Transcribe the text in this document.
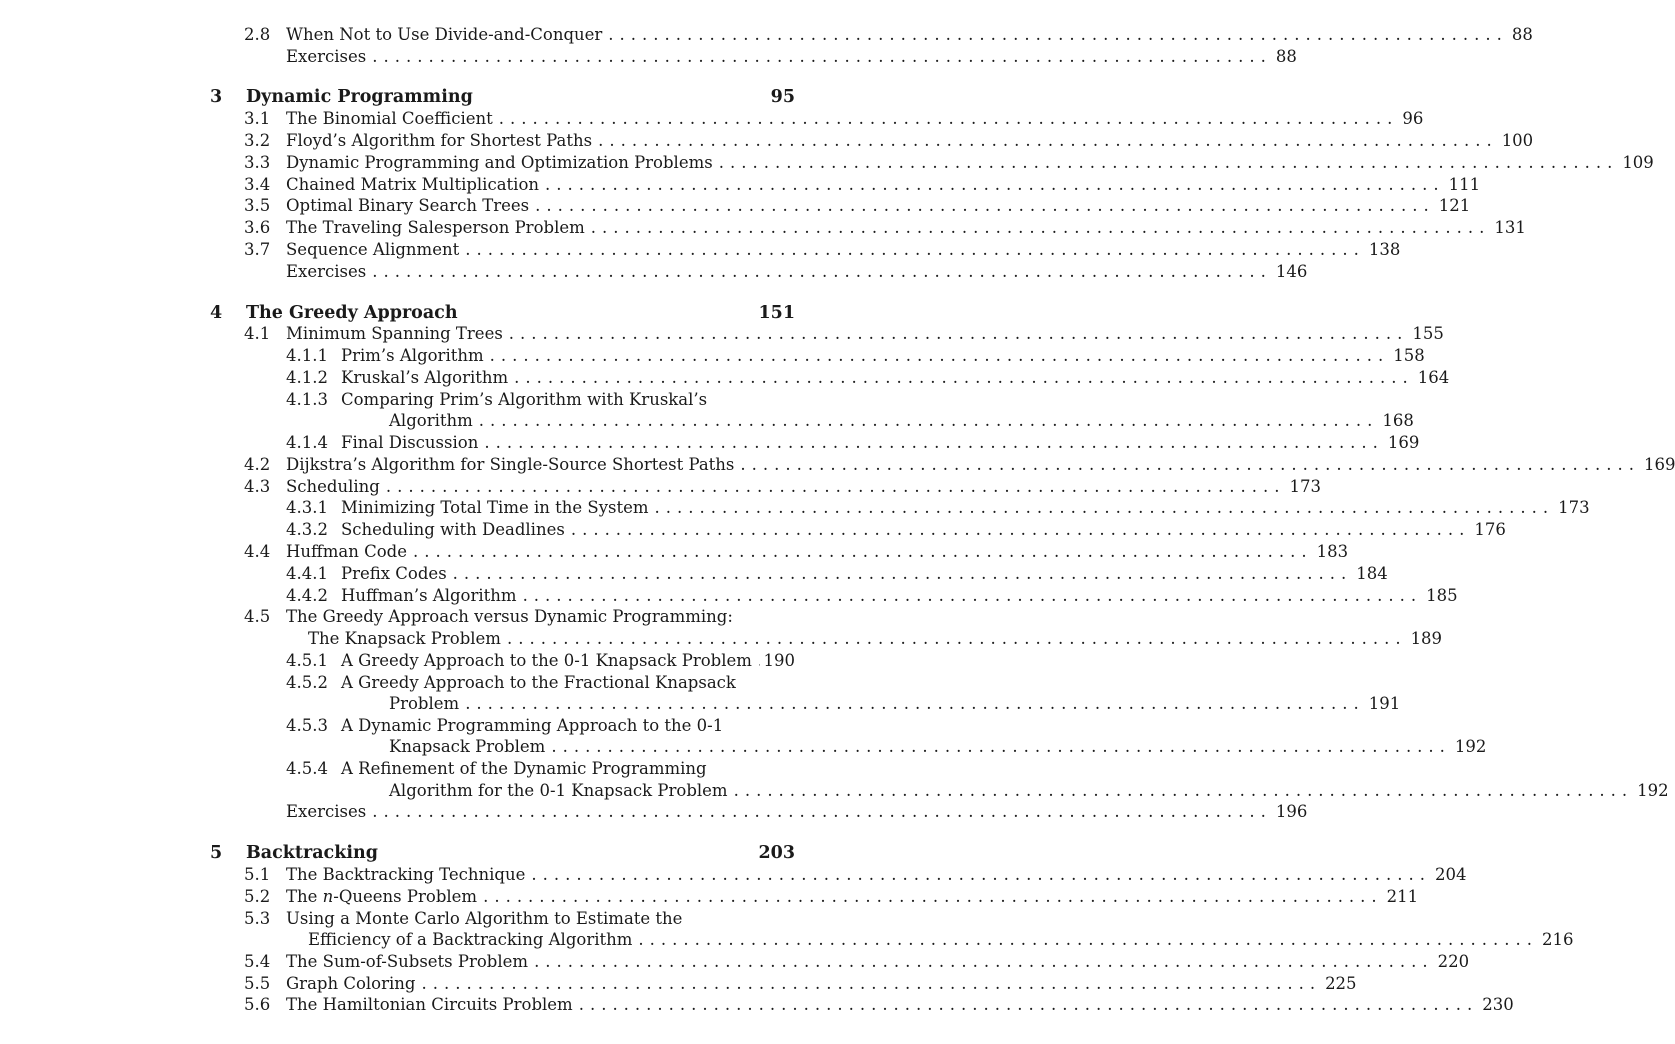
2.8 When Not to Use Divide-and-Conquer ................................................................................ 88
Exercises ................................................................................ 88
3 Dynamic Programming	95
3.1 The Binomial Coefficient ................................................................................ 96
3.2 Floyd’s Algorithm for Shortest Paths ................................................................................ 100
3.3 Dynamic Programming and Optimization Problems ................................................................................ 109
3.4 Chained Matrix Multiplication ................................................................................ 111
3.5 Optimal Binary Search Trees ................................................................................ 121
3.6 The Traveling Salesperson Problem ................................................................................ 131
3.7 Sequence Alignment ................................................................................ 138
Exercises ................................................................................ 146
4 The Greedy Approach	151
4.1 Minimum Spanning Trees ................................................................................ 155
4.1.1 Prim’s Algorithm ................................................................................ 158
4.1.2 Kruskal’s Algorithm ................................................................................ 164
4.1.3 Comparing Prim’s Algorithm with Kruskal’s
Algorithm ................................................................................ 168
4.1.4 Final Discussion ................................................................................ 169
4.2 Dijkstra’s Algorithm for Single-Source Shortest Paths ................................................................................ 169
4.3 Scheduling ................................................................................ 173
4.3.1 Minimizing Total Time in the System ................................................................................ 173
4.3.2 Scheduling with Deadlines ................................................................................ 176
4.4 Huffman Code ................................................................................ 183
4.4.1 Prefix Codes ................................................................................ 184
4.4.2 Huffman’s Algorithm ................................................................................ 185
4.5 The Greedy Approach versus Dynamic Programming:
The Knapsack Problem ................................................................................ 189
4.5.1 A Greedy Approach to the 0-1 Knapsack Problem 190
4.5.2 A Greedy Approach to the Fractional Knapsack
Problem ................................................................................ 191
4.5.3 A Dynamic Programming Approach to the 0-1
Knapsack Problem ................................................................................ 192
4.5.4 A Refinement of the Dynamic Programming
Algorithm for the 0-1 Knapsack Problem ................................................................................ 192
Exercises ................................................................................ 196
5 Backtracking	203
5.1 The Backtracking Technique ................................................................................ 204
5.2 The n-Queens Problem ................................................................................ 211
5.3 Using a Monte Carlo Algorithm to Estimate the
Efficiency of a Backtracking Algorithm ................................................................................ 216
5.4 The Sum-of-Subsets Problem ................................................................................ 220
5.5 Graph Coloring ................................................................................ 225
5.6 The Hamiltonian Circuits Problem ................................................................................ 230
